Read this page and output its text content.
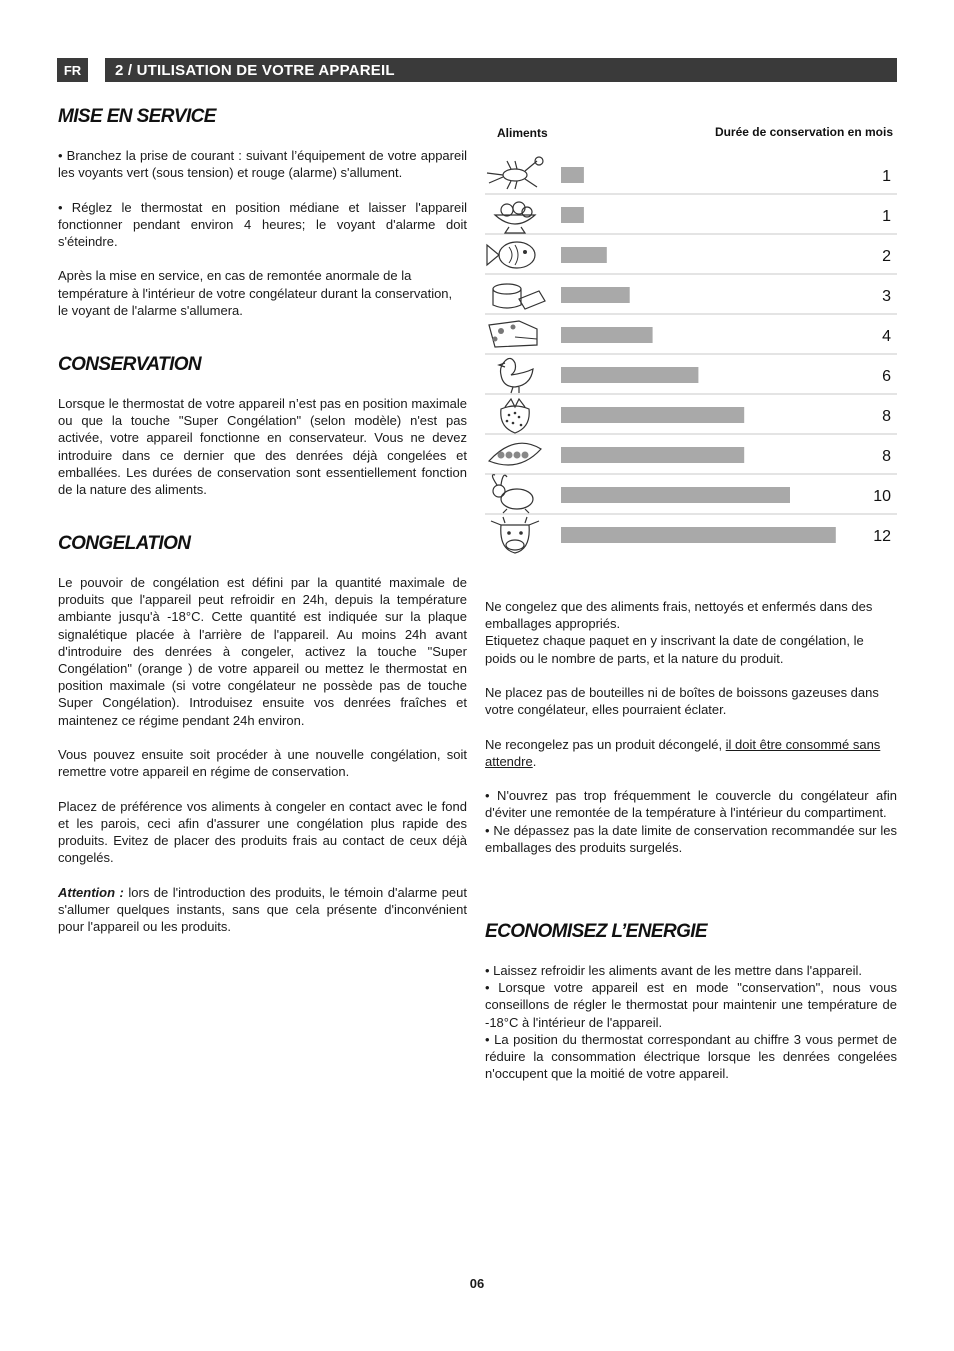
FR	2 / UTILISATION DE VOTRE APPAREIL
MISE EN SERVICE

• Branchez la prise de courant : suivant l’équipement de votre appareil les voyants vert (sous tension) et rouge (alarme) s'allument.

• Réglez le thermostat en position médiane et laisser l'appareil fonctionner pendant environ 4 heures; le voyant d'alarme doit s'éteindre.

Après la mise en service, en cas de remontée anormale de la température à l'intérieur de votre congélateur durant la conservation, le voyant de l'alarme s'allumera.

CONSERVATION

Lorsque le thermostat de votre appareil n’est pas en position maximale ou que la touche "Super Congélation" (selon modèle) n'est pas activée, votre appareil fonctionne en conservateur. Vous ne devez introduire dans ce dernier que des denrées déjà congelées et emballées. Les durées de conservation sont essentiellement fonction de la nature des aliments.

CONGELATION

Le pouvoir de congélation est défini par la quantité maximale de produits que l'appareil peut refroidir en 24h, depuis la température ambiante jusqu'à -18°C. Cette quantité est indiquée sur la plaque signalétique placée à l'arrière de l'appareil. Au moins 24h avant d'introduire des denrées à congeler, activez la touche "Super Congélation" (orange ) de votre appareil ou mettez le thermostat en position maximale (si votre congélateur ne possède pas de touche Super Congélation). Introduisez ensuite vos denrées fraîches et maintenez ce régime pendant 24h environ.

Vous pouvez ensuite soit procéder à une nouvelle congélation, soit remettre votre appareil en régime de conservation.

Placez de préférence vos aliments à congeler en contact avec le fond et les parois, ceci afin d'assurer une congélation plus rapide des produits. Evitez de placer des produits frais au contact de ceux déjà congelés.

Attention : lors de l'introduction des produits, le témoin d'alarme peut s'allumer quelques instants, sans que cela présente d'inconvénient pour l'appareil ou les produits.

Aliments	Durée de conservation en mois
1
1
2
3
4
6
8
8
10
12

Ne congelez que des aliments frais, nettoyés et enfermés dans des emballages appropriés.

Etiquetez chaque paquet en y inscrivant la date de congélation, le poids ou le nombre de parts, et la nature du produit.

Ne placez pas de bouteilles ni de boîtes de boissons gazeuses dans votre congélateur, elles pourraient éclater.

Ne recongelez pas un produit décongelé, il doit être consommé sans attendre.

• N'ouvrez pas trop fréquemment le couvercle du congélateur afin d'éviter une remontée de la température à l'intérieur du compartiment.

• Ne dépassez pas la date limite de conservation recommandée sur les emballages des produits surgelés.

ECONOMISEZ L’ENERGIE

• Laissez refroidir les aliments avant de les mettre dans l'appareil.

• Lorsque votre appareil est en mode "conservation", nous vous conseillons de régler le thermostat pour maintenir une température de -18°C à l'intérieur de l'appareil.

• La position du thermostat correspondant au chiffre 3 vous permet de réduire la consommation électrique lorsque les denrées congelées n'occupent que la moitié de votre appareil.

06
